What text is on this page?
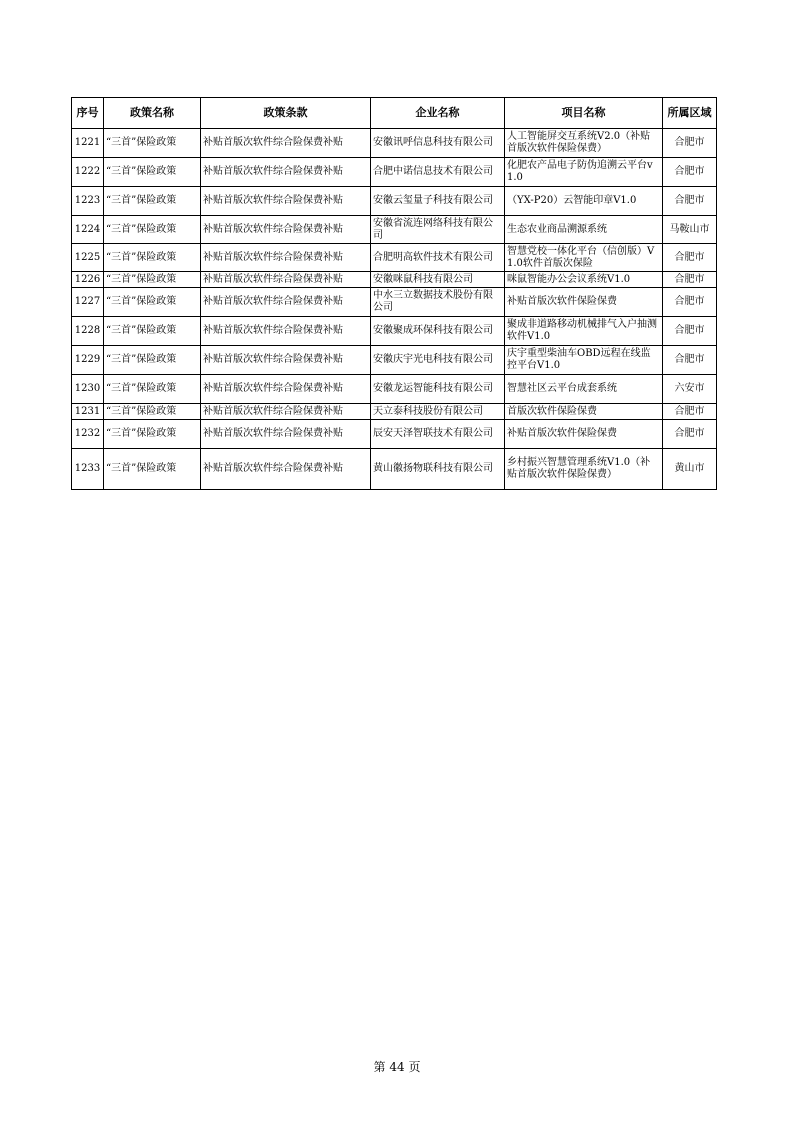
序号	政策名称	政策条款	企业名称	项目名称	所属区域
1221	“三首”保险政策	补贴首版次软件综合险保费补贴	安徽讯呼信息科技有限公司	人工智能屏交互系统V2.0（补贴首版次软件保险保费）	合肥市
1222	“三首”保险政策	补贴首版次软件综合险保费补贴	合肥中诺信息技术有限公司	化肥农产品电子防伪追溯云平台v1.0	合肥市
1223	“三首”保险政策	补贴首版次软件综合险保费补贴	安徽云玺量子科技有限公司	（YX-P20）云智能印章V1.0	合肥市
1224	“三首”保险政策	补贴首版次软件综合险保费补贴	安徽省流连网络科技有限公司	生态农业商品溯源系统	马鞍山市
1225	“三首”保险政策	补贴首版次软件综合险保费补贴	合肥明高软件技术有限公司	智慧党校一体化平台（信创版）V1.0软件首版次保险	合肥市
1226	“三首”保险政策	补贴首版次软件综合险保费补贴	安徽咪鼠科技有限公司	咪鼠智能办公会议系统V1.0	合肥市
1227	“三首”保险政策	补贴首版次软件综合险保费补贴	中水三立数据技术股份有限公司	补贴首版次软件保险保费	合肥市
1228	“三首”保险政策	补贴首版次软件综合险保费补贴	安徽聚成环保科技有限公司	聚成非道路移动机械排气入户抽测软件V1.0	合肥市
1229	“三首”保险政策	补贴首版次软件综合险保费补贴	安徽庆宇光电科技有限公司	庆宇重型柴油车OBD远程在线监控平台V1.0	合肥市
1230	“三首”保险政策	补贴首版次软件综合险保费补贴	安徽龙运智能科技有限公司	智慧社区云平台成套系统	六安市
1231	“三首”保险政策	补贴首版次软件综合险保费补贴	天立泰科技股份有限公司	首版次软件保险保费	合肥市
1232	“三首”保险政策	补贴首版次软件综合险保费补贴	辰安天泽智联技术有限公司	补贴首版次软件保险保费	合肥市
1233	“三首”保险政策	补贴首版次软件综合险保费补贴	黄山徽扬物联科技有限公司	乡村振兴智慧管理系统V1.0（补贴首版次软件保险保费）	黄山市
第 44 页
